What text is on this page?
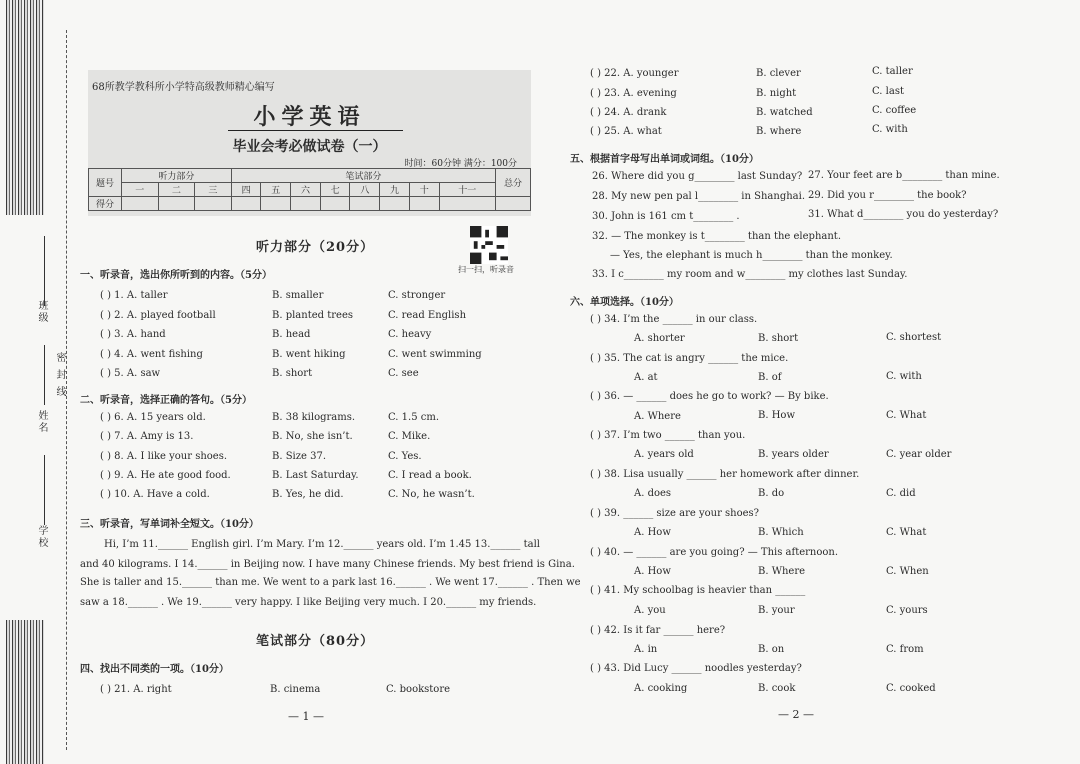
班级
密 封 线
姓名
学校
68所教学教科所小学特高级教师精心编写
小学英语
毕业会考必做试卷（一）
时间：60分钟 满分：100分
题号	听力部分			笔试部分								总分
	一	二	三	四	五	六	七	八	九	十	十一	
得分												
扫一扫，听录音
听力部分（20分）
一、听录音，选出你所听到的内容。（5分）
( ) 1. A. taller	B. smaller	C. stronger
( ) 2. A. played football	B. planted trees	C. read English
( ) 3. A. hand	B. head	C. heavy
( ) 4. A. went fishing	B. went hiking	C. went swimming
( ) 5. A. saw	B. short	C. see
二、听录音，选择正确的答句。（5分）
( ) 6. A. 15 years old.	B. 38 kilograms.	C. 1.5 cm.
( ) 7. A. Amy is 13.	B. No, she isn’t.	C. Mike.
( ) 8. A. I like your shoes.	B. Size 37.	C. Yes.
( ) 9. A. He ate good food.	B. Last Saturday.	C. I read a book.
( ) 10. A. Have a cold.	B. Yes, he did.	C. No, he wasn’t.
三、听录音，写单词补全短文。（10分）
Hi, I’m 11.______ English girl. I’m Mary. I’m 12.______ years old. I’m 1.45 13.______ tall
and 40 kilograms. I 14.______ in Beijing now. I have many Chinese friends. My best friend is Gina.
She is taller and 15.______ than me. We went to a park last 16.______ . We went 17.______ . Then we
saw a 18.______ . We 19.______ very happy. I like Beijing very much. I 20.______ my friends.
笔试部分（80分）
四、找出不同类的一项。（10分）
( ) 21. A. right	B. cinema	C. bookstore
— 1 —
( ) 22. A. younger	B. clever	C. taller
( ) 23. A. evening	B. night	C. last
( ) 24. A. drank	B. watched	C. coffee
( ) 25. A. what	B. where	C. with
五、根据首字母写出单词或词组。（10分）
26. Where did you g________ last Sunday? 27. Your feet are b________ than mine.
28. My new pen pal l________ in Shanghai. 29. Did you r________ the book?
30. John is 161 cm t________ .	31. What d________ you do yesterday?
32. — The monkey is t________ than the elephant.
— Yes, the elephant is much h________ than the monkey.
33. I c________ my room and w________ my clothes last Sunday.
六、单项选择。（10分）
( ) 34. I’m the ______ in our class.
A. shorter	B. short	C. shortest
( ) 35. The cat is angry ______ the mice.
A. at	B. of	C. with
( ) 36. — ______ does he go to work? — By bike.
A. Where	B. How	C. What
( ) 37. I’m two ______ than you.
A. years old	B. years older	C. year older
( ) 38. Lisa usually ______ her homework after dinner.
A. does	B. do	C. did
( ) 39. ______ size are your shoes?
A. How	B. Which	C. What
( ) 40. — ______ are you going? — This afternoon.
A. How	B. Where	C. When
( ) 41. My schoolbag is heavier than ______
A. you	B. your	C. yours
( ) 42. Is it far ______ here?
A. in	B. on	C. from
( ) 43. Did Lucy ______ noodles yesterday?
A. cooking	B. cook	C. cooked
— 2 —
